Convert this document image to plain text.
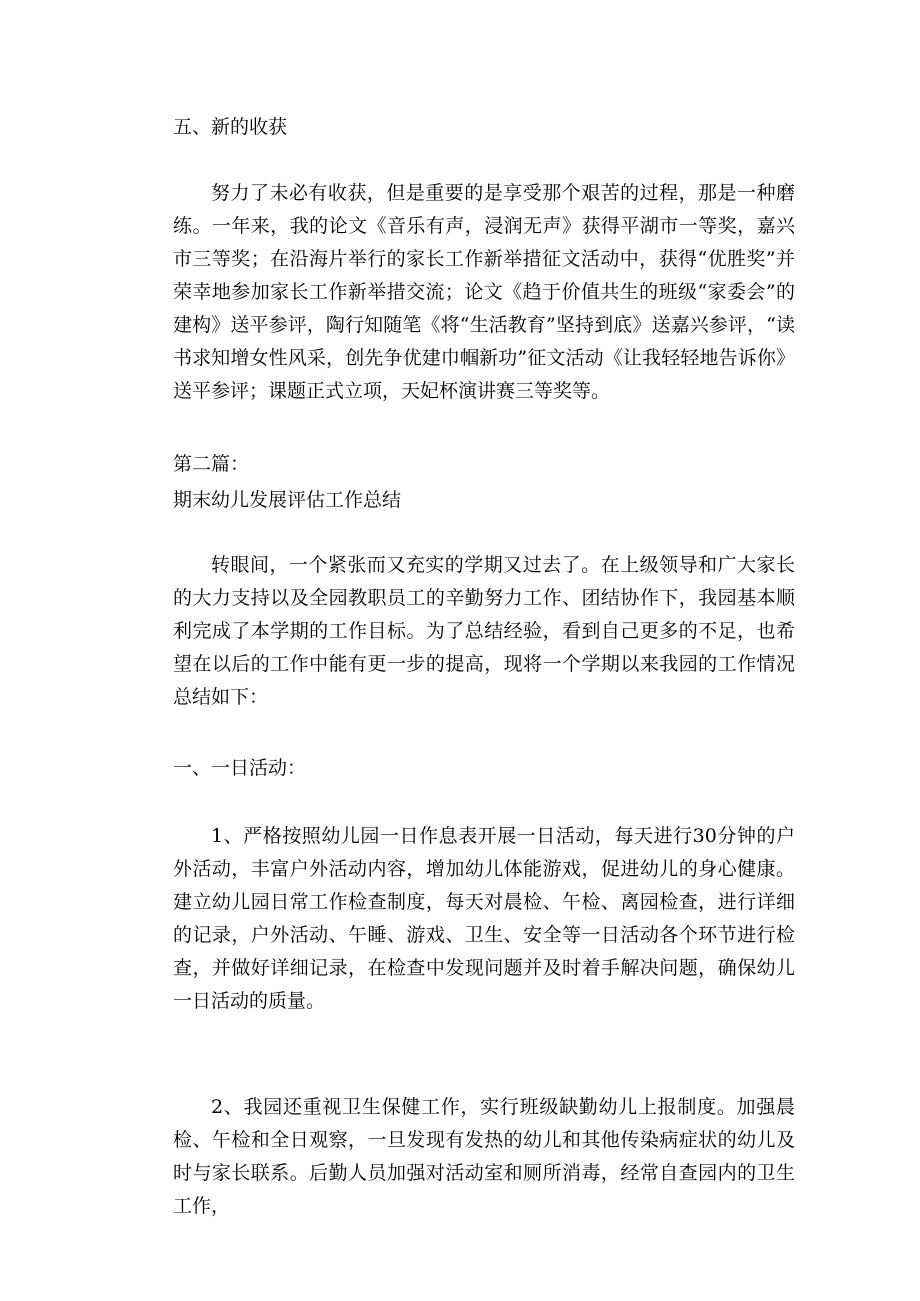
五、新的收获

努力了未必有收获，但是重要的是享受那个艰苦的过程，那是一种磨练。一年来，我的论文《音乐有声，浸润无声》获得平湖市一等奖，嘉兴市三等奖；在沿海片举行的家长工作新举措征文活动中，获得“优胜奖”并荣幸地参加家长工作新举措交流；论文《趋于价值共生的班级“家委会”的建构》送平参评，陶行知随笔《将“生活教育”坚持到底》送嘉兴参评，“读书求知增女性风采，创先争优建巾帼新功”征文活动《让我轻轻地告诉你》送平参评；课题正式立项，天妃杯演讲赛三等奖等。

第二篇：

期末幼儿发展评估工作总结

转眼间，一个紧张而又充实的学期又过去了。在上级领导和广大家长的大力支持以及全园教职员工的辛勤努力工作、团结协作下，我园基本顺利完成了本学期的工作目标。为了总结经验，看到自己更多的不足，也希望在以后的工作中能有更一步的提高，现将一个学期以来我园的工作情况总结如下：

一、一日活动：

1、严格按照幼儿园一日作息表开展一日活动，每天进行30分钟的户外活动，丰富户外活动内容，增加幼儿体能游戏，促进幼儿的身心健康。建立幼儿园日常工作检查制度，每天对晨检、午检、离园检查，进行详细的记录，户外活动、午睡、游戏、卫生、安全等一日活动各个环节进行检查，并做好详细记录，在检查中发现问题并及时着手解决问题，确保幼儿一日活动的质量。

2、我园还重视卫生保健工作，实行班级缺勤幼儿上报制度。加强晨检、午检和全日观察，一旦发现有发热的幼儿和其他传染病症状的幼儿及时与家长联系。后勤人员加强对活动室和厕所消毒，经常自查园内的卫生工作，
